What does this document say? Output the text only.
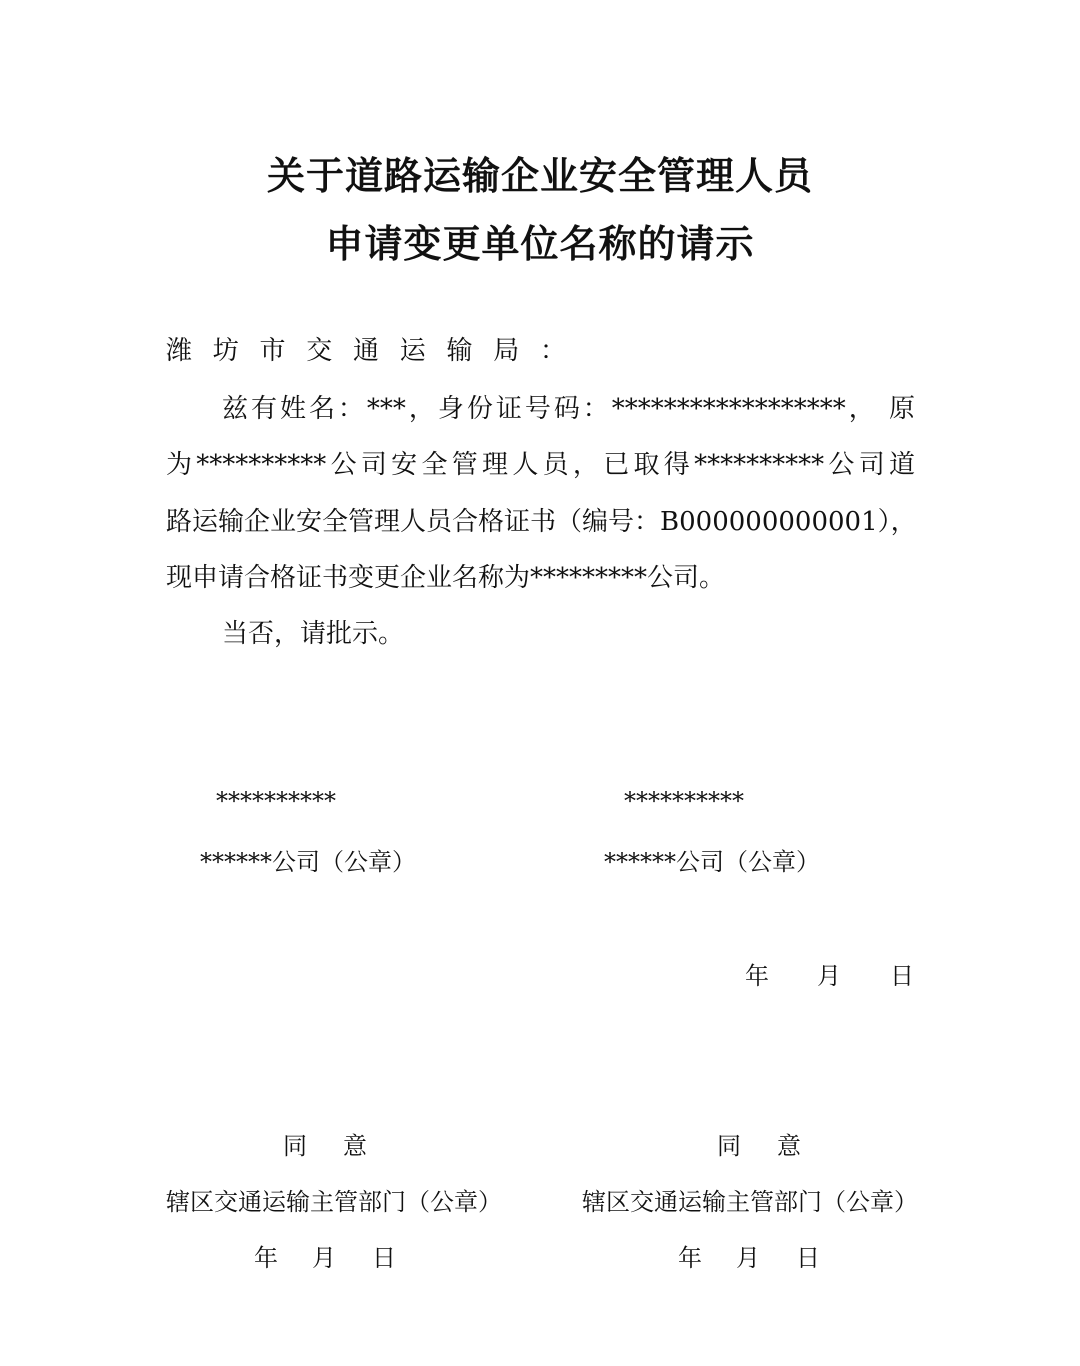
关于道路运输企业安全管理人员
申请变更单位名称的请示
潍坊市交通运输局：
兹有姓名：***，身份证号码：******************， 原
为**********公司安全管理人员，已取得**********公司道
路运输企业安全管理人员合格证书（编号：B000000000001），
现申请合格证书变更企业名称为*********公司。
当否，请批示。
**********
******公司（公章）
**********
******公司（公章）
年 月 日
同 意
辖区交通运输主管部门（公章）
年 月 日
同 意
辖区交通运输主管部门（公章）
年 月 日
